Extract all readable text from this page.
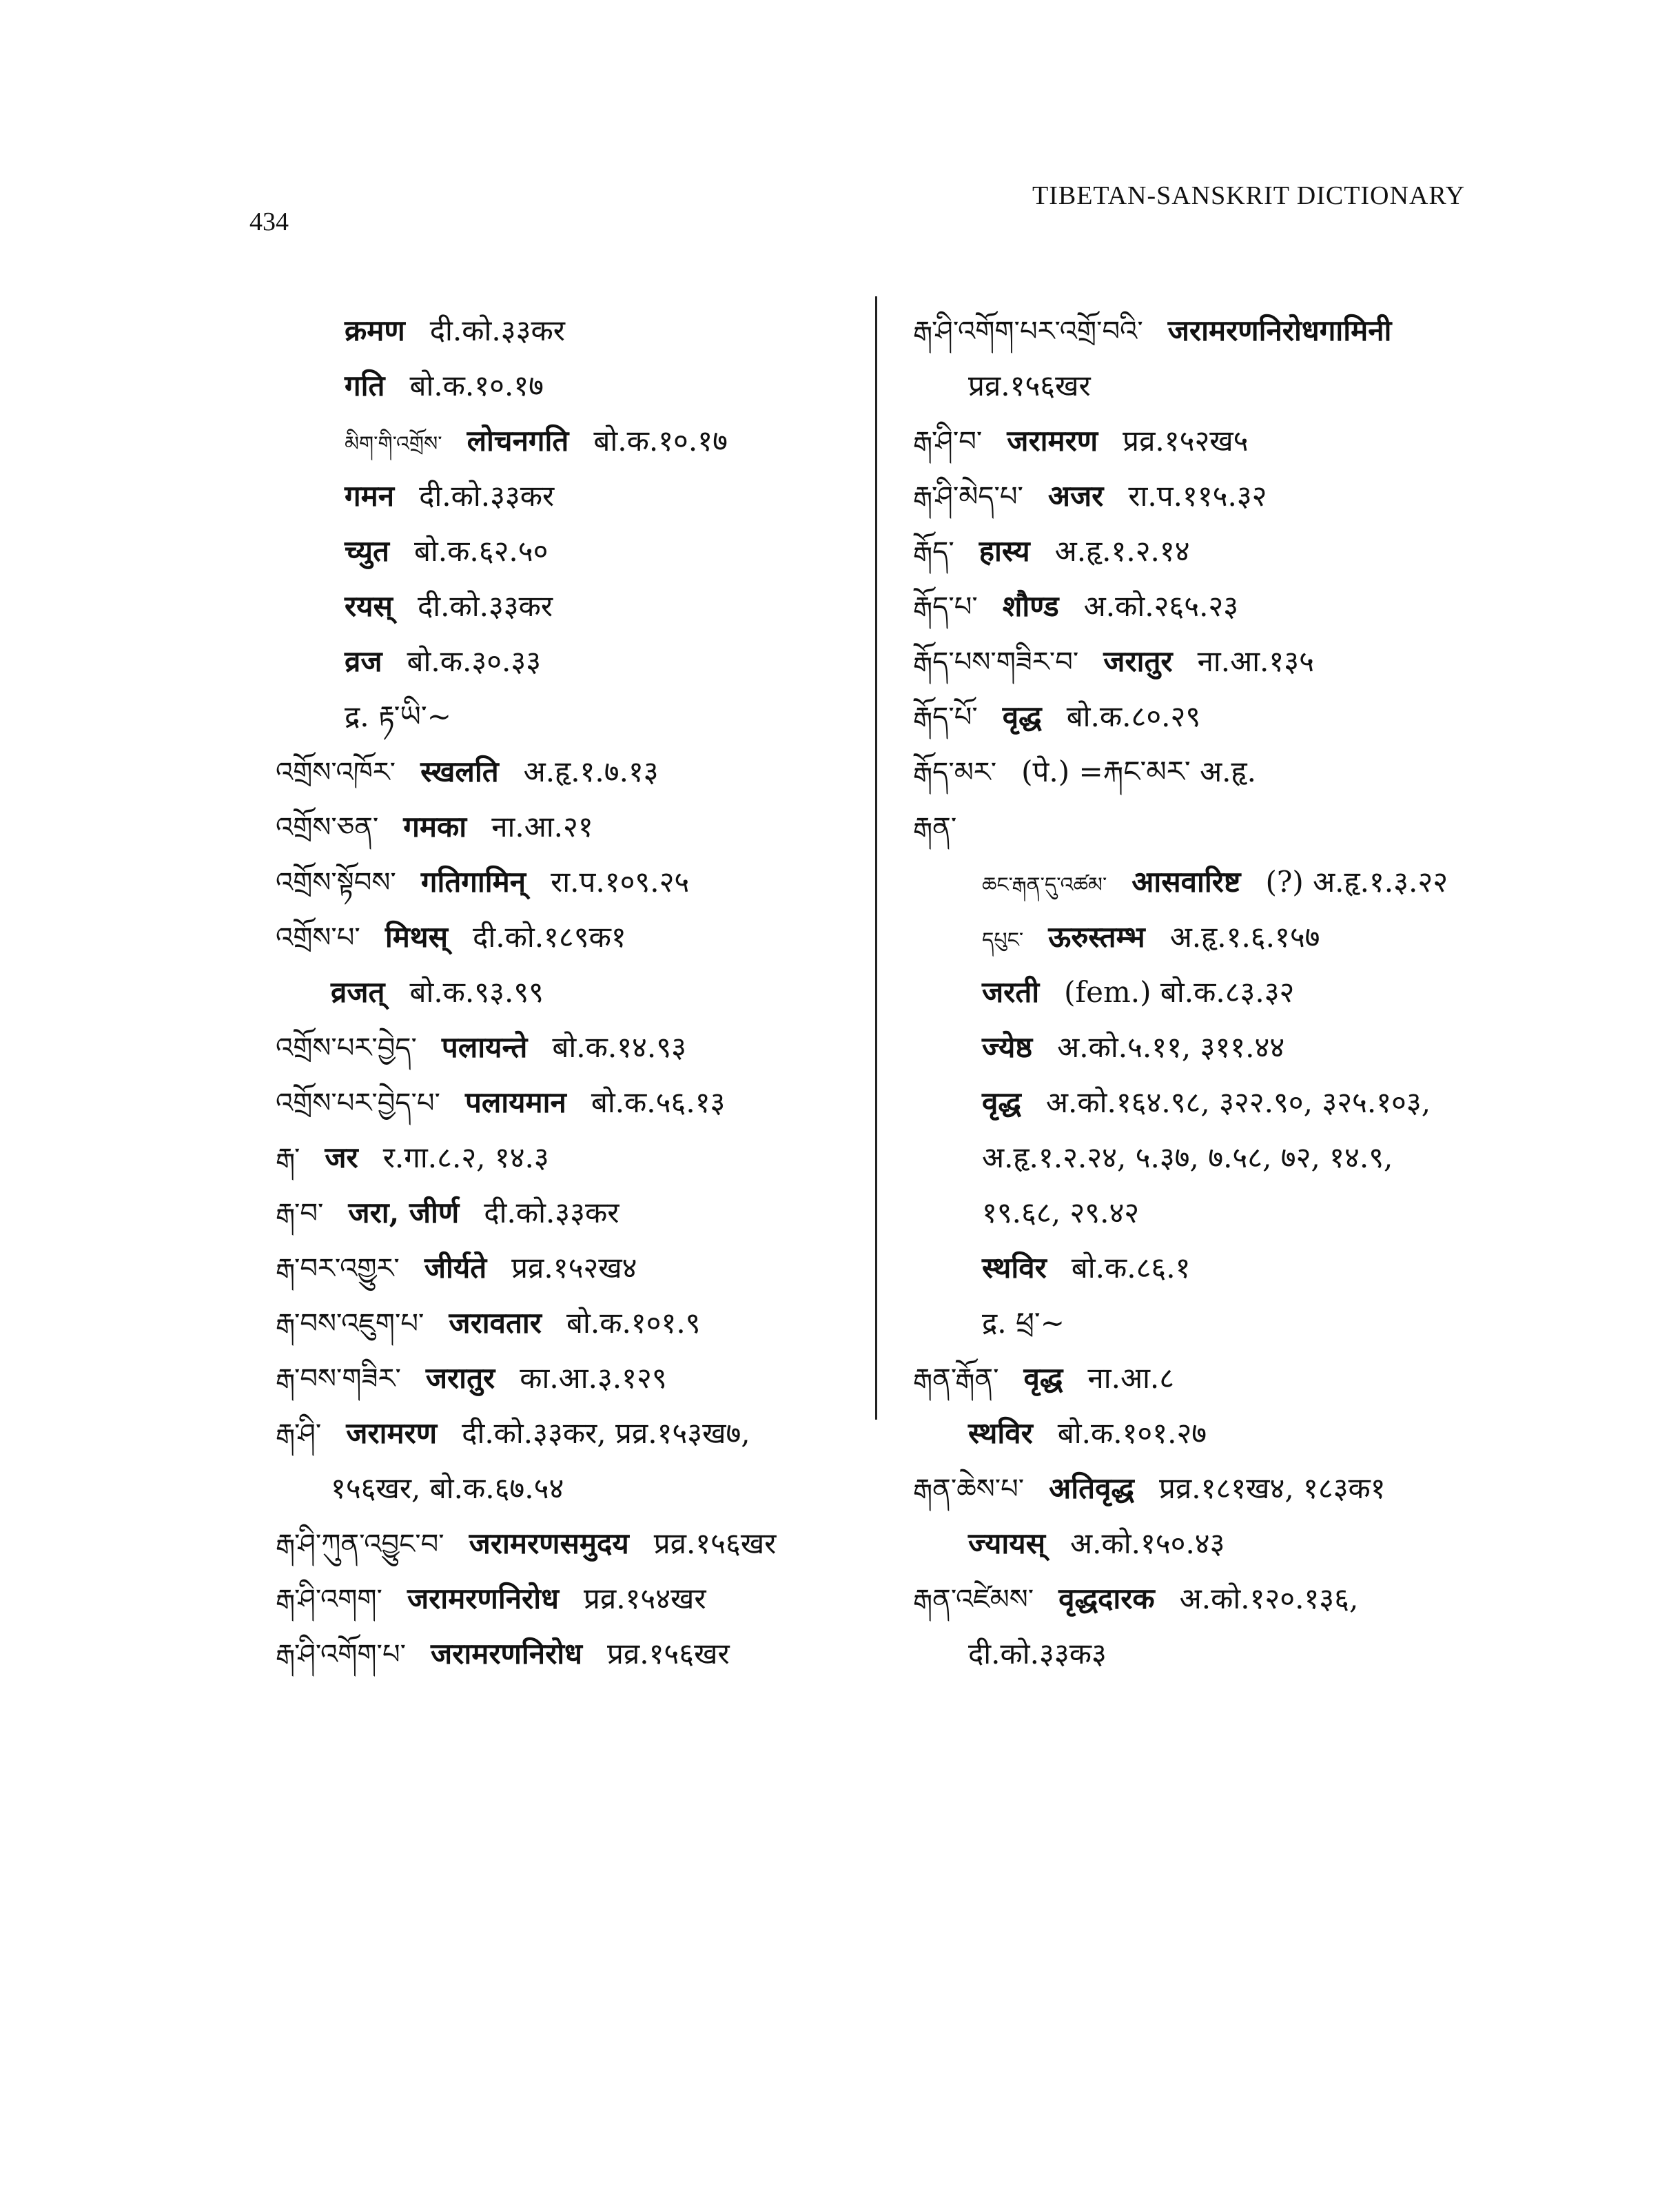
434
TIBETAN-SANSKRIT DICTIONARY
क्रमण दी.को.३३कर
गति बो.क.१०.१७
མིག་གི་འགྲོས་ लोचनगति बो.क.१०.१७
गमन दी.को.३३कर
च्युत बो.क.६२.५०
रयस् दी.को.३३कर
व्रज बो.क.३०.३३
द्र. རྟ་ཡི་~
འགྲོས་འཁོར་ स्खलति अ.हृ.१.७.१३
འགྲོས་ཅན་ गमका ना.आ.२१
འགྲོས་སྟོབས་ गतिगामिन् रा.प.१०९.२५
འགྲོས་པ་ मिथस् दी.को.१८९क१
व्रजत् बो.क.९३.९९
འགྲོས་པར་བྱེད་ पलायन्ते बो.क.१४.९३
འགྲོས་པར་བྱེད་པ་ पलायमान बो.क.५६.१३
རྒ་ जर र.गा.८.२, १४.३
རྒ་བ་ जरा, जीर्ण दी.को.३३कर
རྒ་བར་འགྱུར་ जीर्यते प्रव्र.१५२ख४
རྒ་བས་འཇུག་པ་ जरावतार बो.क.१०१.९
རྒ་བས་གཟིར་ जरातुर का.आ.३.१२९
རྒ་ཤི་ जरामरण दी.को.३३कर, प्रव्र.१५३ख७,
१५६खर, बो.क.६७.५४
རྒ་ཤི་ཀུན་འབྱུང་བ་ जरामरणसमुदय प्रव्र.१५६खर
རྒ་ཤི་འགག་ जरामरणनिरोध प्रव्र.१५४खर
རྒ་ཤི་འགོག་པ་ जरामरणनिरोध प्रव्र.१५६खर
རྒ་ཤི་འགོག་པར་འགྲོ་བའི་ जरामरणनिरोधगामिनी
प्रव्र.१५६खर
རྒ་ཤི་བ་ जरामरण प्रव्र.१५२ख५
རྒ་ཤི་མེད་པ་ अजर रा.प.११५.३२
རྒོད་ हास्य अ.हृ.१.२.१४
རྒོད་པ་ शौण्ड अ.को.२६५.२३
རྒོད་པས་གཟིར་བ་ जरातुर ना.आ.१३५
རྒོད་པོ་ वृद्ध बो.क.८०.२९
རྒོད་མར་ (पे.) =རྐང་མར་ अ.हृ.
རྒན་
ཆང་རྒན་དུ་འཚམ་ आसवारिष्ट (?) अ.हृ.१.३.२२
དཔུང་ ऊरुस्तम्भ अ.हृ.१.६.१५७
जरती (fem.) बो.क.८३.३२
ज्येष्ठ अ.को.५.११, ३११.४४
वृद्ध अ.को.१६४.९८, ३२२.९०, ३२५.१०३,
अ.हृ.१.२.२४, ५.३७, ७.५८, ७२, १४.९,
१९.६८, २९.४२
स्थविर बो.क.८६.१
द्र. ཕྲ་~
རྒན་རྒོན་ वृद्ध ना.आ.८
स्थविर बो.क.१०१.२७
རྒན་ཆེས་པ་ अतिवृद्ध प्रव्र.१८१ख४, १८३क१
ज्यायस् अ.को.१५०.४३
རྒན་འཛེམས་ वृद्धदारक अ.को.१२०.१३६,
दी.को.३३क३
